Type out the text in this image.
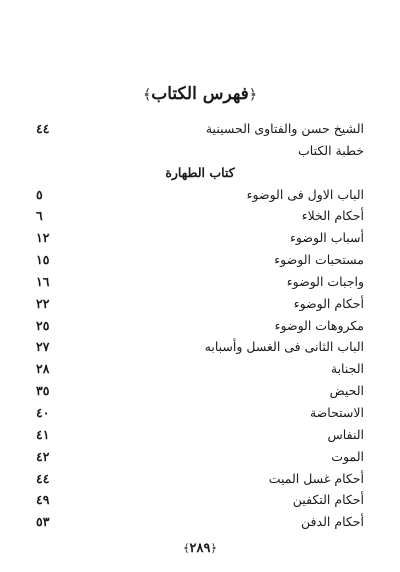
﴿فهرس الكتاب﴾
الشيخ حسن والفتاوى الحسينية
٤٤
خطبة الكتاب
كتاب الطهارة
الباب الاول فى الوضوء
٥
أحكام الخلاء
٦
أسباب الوضوء
١٢
مستحبات الوضوء
١٥
واجبات الوضوء
١٦
أحكام الوضوء
٢٢
مكروهات الوضوء
٢٥
الباب الثانى فى الغسل وأسبابه
٢٧
الجنابة
٢٨
الحيض
٣٥
الاستحاضة
٤٠
النفاس
٤١
الموت
٤٢
أحكام غسل الميت
٤٤
أحكام التكفين
٤٩
أحكام الدفن
٥٣
﴿٢٨٩﴾
